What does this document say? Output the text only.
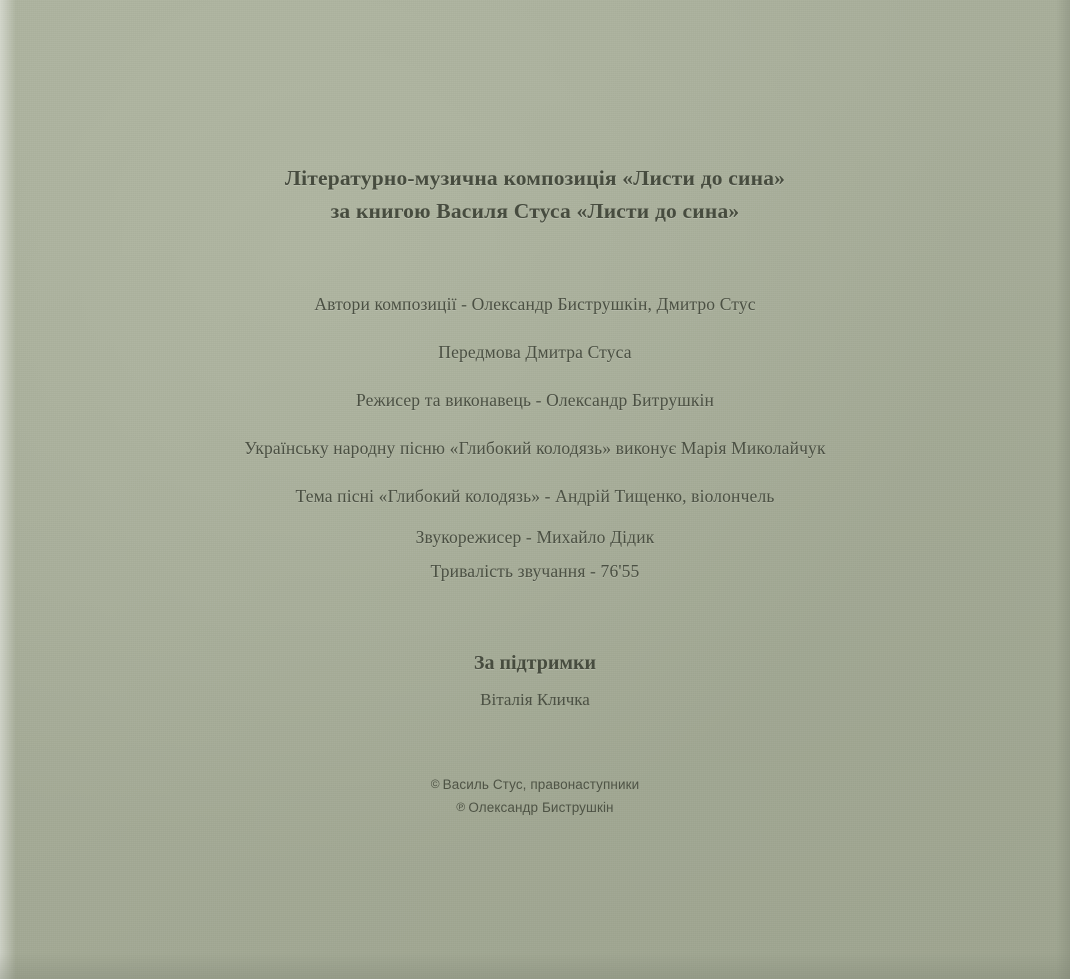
Літературно-музична композиція «Листи до сина»
за книгою Василя Стуса «Листи до сина»
Автори композиції - Олександр Биструшкін, Дмитро Стус
Передмова Дмитра Стуса
Режисер та виконавець - Олександр Битрушкін
Українську народну пісню «Глибокий колодязь» виконує Марія Миколайчук
Тема пісні «Глибокий колодязь» - Андрій Тищенко, віолончель
Звукорежисер - Михайло Дідик
Тривалість звучання - 76'55
За підтримки
Віталія Кличка
© Василь Стус, правонаступники
℗ Олександр Биструшкін
